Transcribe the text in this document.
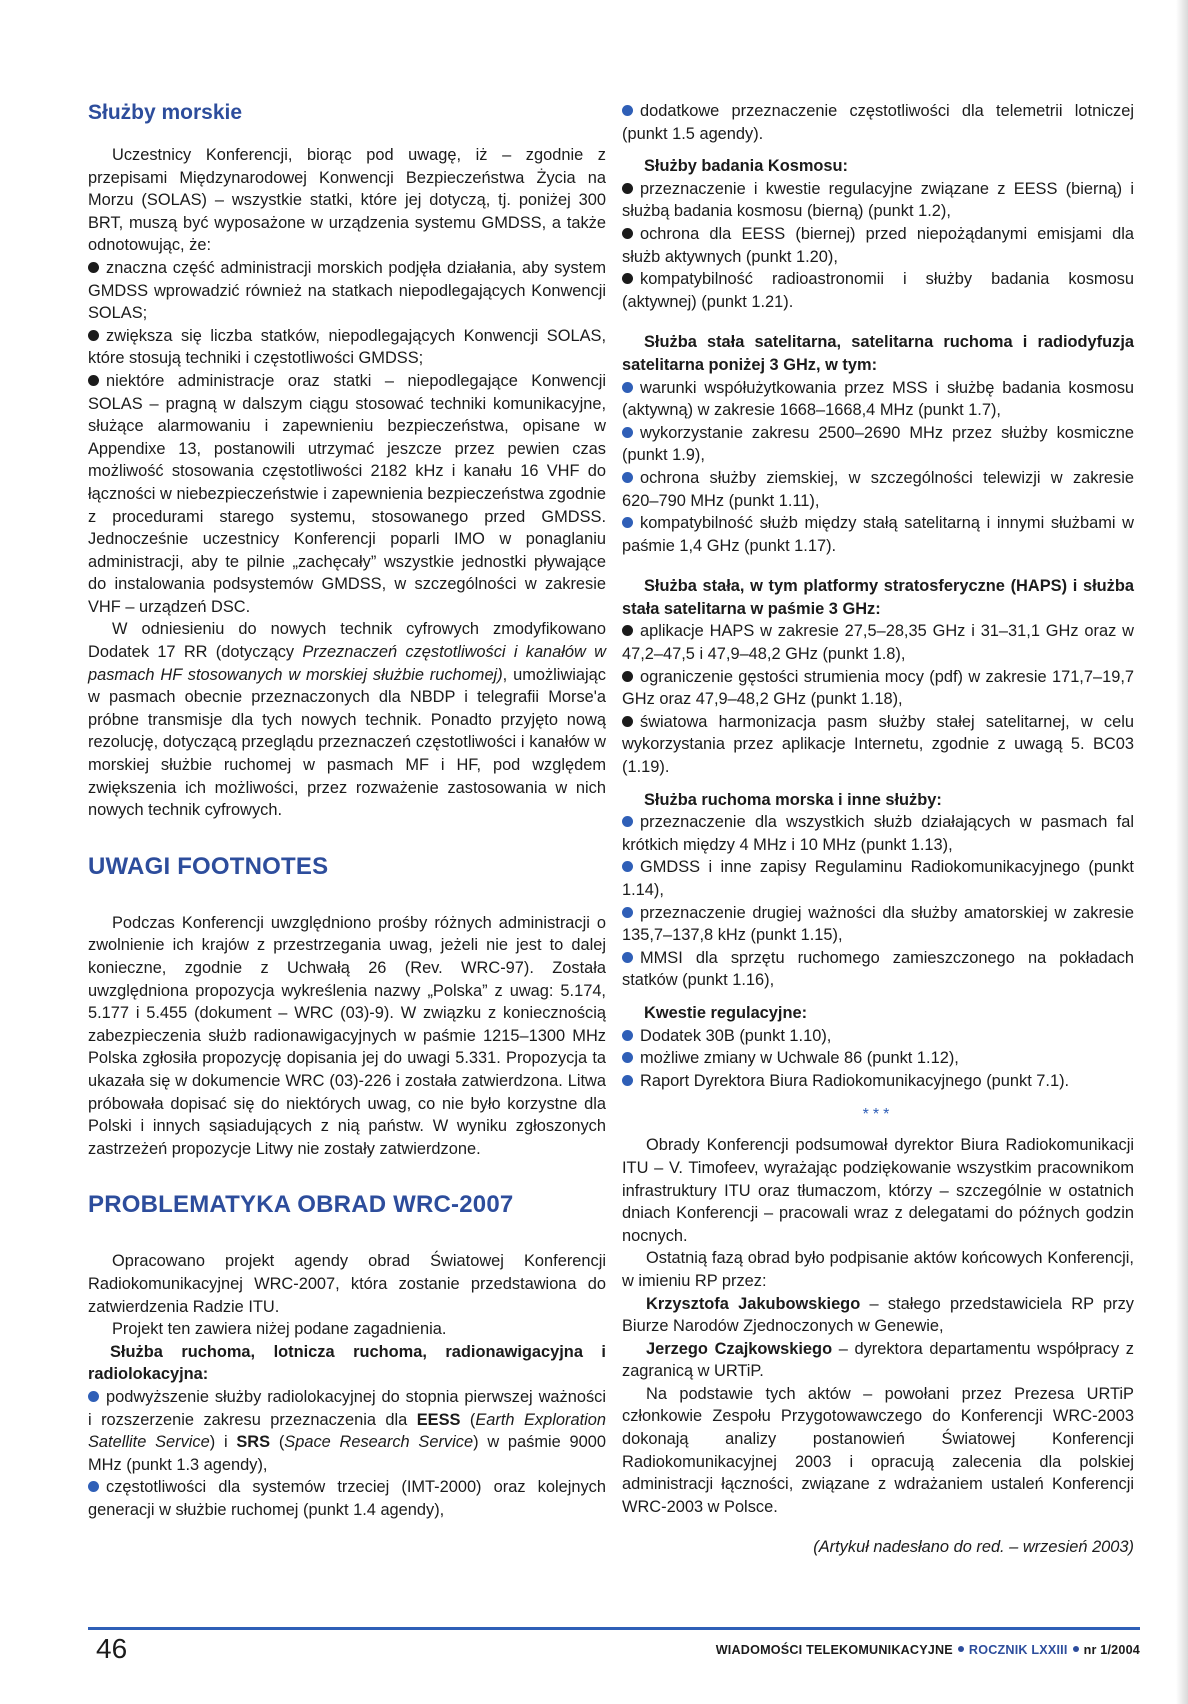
Służby morskie

Uczestnicy Konferencji, biorąc pod uwagę, iż – zgodnie z przepisami Międzynarodowej Konwencji Bezpieczeństwa Życia na Morzu (SOLAS) – wszystkie statki, które jej dotyczą, tj. poniżej 300 BRT, muszą być wyposażone w urządzenia systemu GMDSS, a także odnotowując, że:

znaczna część administracji morskich podjęła działania, aby system GMDSS wprowadzić również na statkach niepodlegających Konwencji SOLAS;
zwiększa się liczba statków, niepodlegających Konwencji SOLAS, które stosują techniki i częstotliwości GMDSS;
niektóre administracje oraz statki – niepodlegające Konwencji SOLAS – pragną w dalszym ciągu stosować techniki komunikacyjne, służące alarmowaniu i zapewnieniu bezpieczeństwa, opisane w Appendixe 13, postanowili utrzymać jeszcze przez pewien czas możliwość stosowania częstotliwości 2182 kHz i kanału 16 VHF do łączności w niebezpieczeństwie i zapewnienia bezpieczeństwa zgodnie z procedurami starego systemu, stosowanego przed GMDSS. Jednocześnie uczestnicy Konferencji poparli IMO w ponaglaniu administracji, aby te pilnie „zachęcały” wszystkie jednostki pływające do instalowania podsystemów GMDSS, w szczególności w zakresie VHF – urządzeń DSC.

W odniesieniu do nowych technik cyfrowych zmodyfikowano Dodatek 17 RR (dotyczący Przeznaczeń częstotliwości i kanałów w pasmach HF stosowanych w morskiej służbie ruchomej), umożliwiając w pasmach obecnie przeznaczonych dla NBDP i telegrafii Morse'a próbne transmisje dla tych nowych technik. Ponadto przyjęto nową rezolucję, dotyczącą przeglądu przeznaczeń częstotliwości i kanałów w morskiej służbie ruchomej w pasmach MF i HF, pod względem zwiększenia ich możliwości, przez rozważenie zastosowania w nich nowych technik cyfrowych.

UWAGI FOOTNOTES

Podczas Konferencji uwzględniono prośby różnych administracji o zwolnienie ich krajów z przestrzegania uwag, jeżeli nie jest to dalej konieczne, zgodnie z Uchwałą 26 (Rev. WRC-97). Została uwzględniona propozycja wykreślenia nazwy „Polska” z uwag: 5.174, 5.177 i 5.455 (dokument – WRC (03)-9). W związku z koniecznością zabezpieczenia służb radionawigacyjnych w paśmie 1215–1300 MHz Polska zgłosiła propozycję dopisania jej do uwagi 5.331. Propozycja ta ukazała się w dokumencie WRC (03)-226 i została zatwierdzona. Litwa próbowała dopisać się do niektórych uwag, co nie było korzystne dla Polski i innych sąsiadujących z nią państw. W wyniku zgłoszonych zastrzeżeń propozycje Litwy nie zostały zatwierdzone.

PROBLEMATYKA OBRAD WRC-2007

Opracowano projekt agendy obrad Światowej Konferencji Radiokomunikacyjnej WRC-2007, która zostanie przedstawiona do zatwierdzenia Radzie ITU.

Projekt ten zawiera niżej podane zagadnienia.

Służba ruchoma, lotnicza ruchoma, radionawigacyjna i radiolokacyjna:
podwyższenie służby radiolokacyjnej do stopnia pierwszej ważności i rozszerzenie zakresu przeznaczenia dla EESS (Earth Exploration Satellite Service) i SRS (Space Research Service) w paśmie 9000 MHz (punkt 1.3 agendy),
częstotliwości dla systemów trzeciej (IMT-2000) oraz kolejnych generacji w służbie ruchomej (punkt 1.4 agendy),
dodatkowe przeznaczenie częstotliwości dla telemetrii lotniczej (punkt 1.5 agendy).
Służby badania Kosmosu:
przeznaczenie i kwestie regulacyjne związane z EESS (bierną) i służbą badania kosmosu (bierną) (punkt 1.2),
ochrona dla EESS (biernej) przed niepożądanymi emisjami dla służb aktywnych (punkt 1.20),
kompatybilność radioastronomii i służby badania kosmosu (aktywnej) (punkt 1.21).
Służba stała satelitarna, satelitarna ruchoma i radiodyfuzja satelitarna poniżej 3 GHz, w tym:
warunki współużytkowania przez MSS i służbę badania kosmosu (aktywną) w zakresie 1668–1668,4 MHz (punkt 1.7),
wykorzystanie zakresu 2500–2690 MHz przez służby kosmiczne (punkt 1.9),
ochrona służby ziemskiej, w szczególności telewizji w zakresie 620–790 MHz (punkt 1.11),
kompatybilność służb między stałą satelitarną i innymi służbami w paśmie 1,4 GHz (punkt 1.17).
Służba stała, w tym platformy stratosferyczne (HAPS) i służba stała satelitarna w paśmie 3 GHz:
aplikacje HAPS w zakresie 27,5–28,35 GHz i 31–31,1 GHz oraz w 47,2–47,5 i 47,9–48,2 GHz (punkt 1.8),
ograniczenie gęstości strumienia mocy (pdf) w zakresie 171,7–19,7 GHz oraz 47,9–48,2 GHz (punkt 1.18),
światowa harmonizacja pasm służby stałej satelitarnej, w celu wykorzystania przez aplikacje Internetu, zgodnie z uwagą 5. BC03 (1.19).
Służba ruchoma morska i inne służby:
przeznaczenie dla wszystkich służb działających w pasmach fal krótkich między 4 MHz i 10 MHz (punkt 1.13),
GMDSS i inne zapisy Regulaminu Radiokomunikacyjnego (punkt 1.14),
przeznaczenie drugiej ważności dla służby amatorskiej w zakresie 135,7–137,8 kHz (punkt 1.15),
MMSI dla sprzętu ruchomego zamieszczonego na pokładach statków (punkt 1.16),
Kwestie regulacyjne:
Dodatek 30B (punkt 1.10),
możliwe zmiany w Uchwale 86 (punkt 1.12),
Raport Dyrektora Biura Radiokomunikacyjnego (punkt 7.1).
***

Obrady Konferencji podsumował dyrektor Biura Radiokomunikacji ITU – V. Timofeev, wyrażając podziękowanie wszystkim pracownikom infrastruktury ITU oraz tłumaczom, którzy – szczególnie w ostatnich dniach Konferencji – pracowali wraz z delegatami do późnych godzin nocnych.

Ostatnią fazą obrad było podpisanie aktów końcowych Konferencji, w imieniu RP przez:

Krzysztofa Jakubowskiego – stałego przedstawiciela RP przy Biurze Narodów Zjednoczonych w Genewie,

Jerzego Czajkowskiego – dyrektora departamentu współpracy z zagranicą w URTiP.

Na podstawie tych aktów – powołani przez Prezesa URTiP członkowie Zespołu Przygotowawczego do Konferencji WRC-2003 dokonają analizy postanowień Światowej Konferencji Radiokomunikacyjnej 2003 i opracują zalecenia dla polskiej administracji łączności, związane z wdrażaniem ustaleń Konferencji WRC-2003 w Polsce.

(Artykuł nadesłano do red. – wrzesień 2003)

46	WIADOMOŚCI TELEKOMUNIKACYJNE ROCZNIK LXXIII nr 1/2004
